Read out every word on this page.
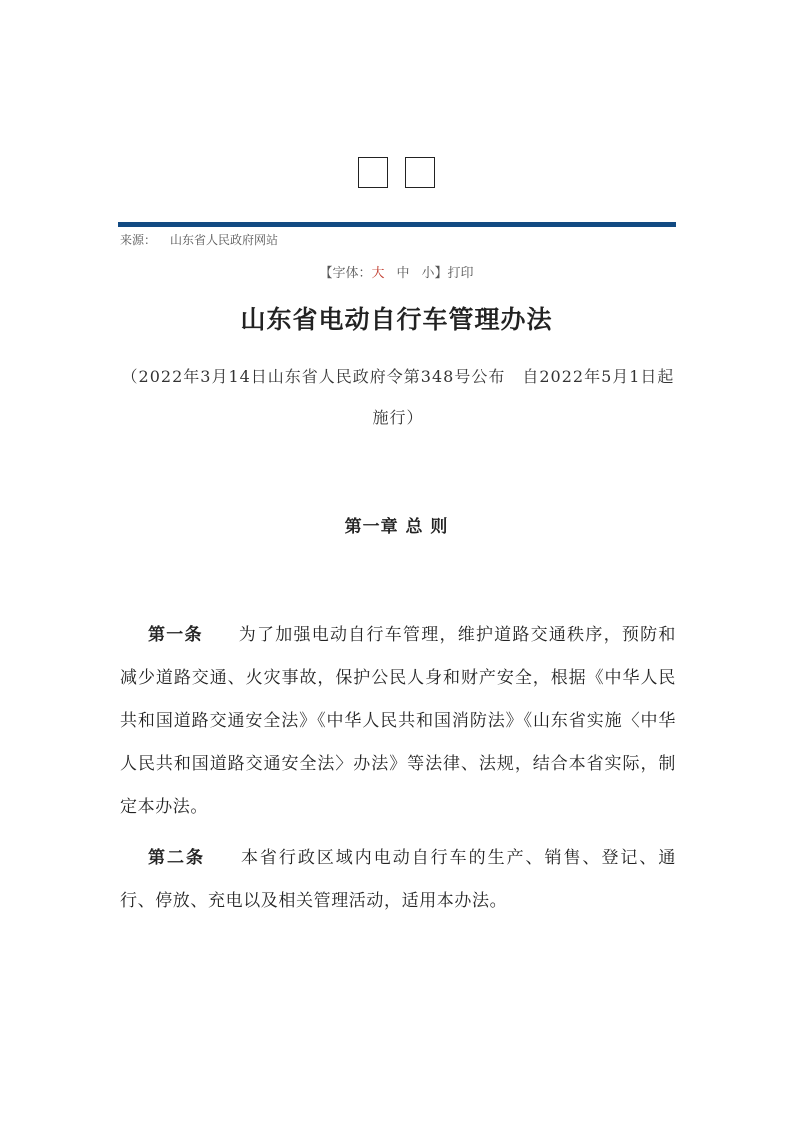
来源： 山东省人民政府网站
【字体：大 中 小】打印
山东省电动自行车管理办法
（2022年3月14日山东省人民政府令第348号公布　自2022年5月1日起施行）
第一章 总 则
第一条 为了加强电动自行车管理，维护道路交通秩序，预防和减少道路交通、火灾事故，保护公民人身和财产安全，根据《中华人民共和国道路交通安全法》《中华人民共和国消防法》《山东省实施〈中华人民共和国道路交通安全法〉办法》等法律、法规，结合本省实际，制定本办法。
第二条 本省行政区域内电动自行车的生产、销售、登记、通行、停放、充电以及相关管理活动，适用本办法。
